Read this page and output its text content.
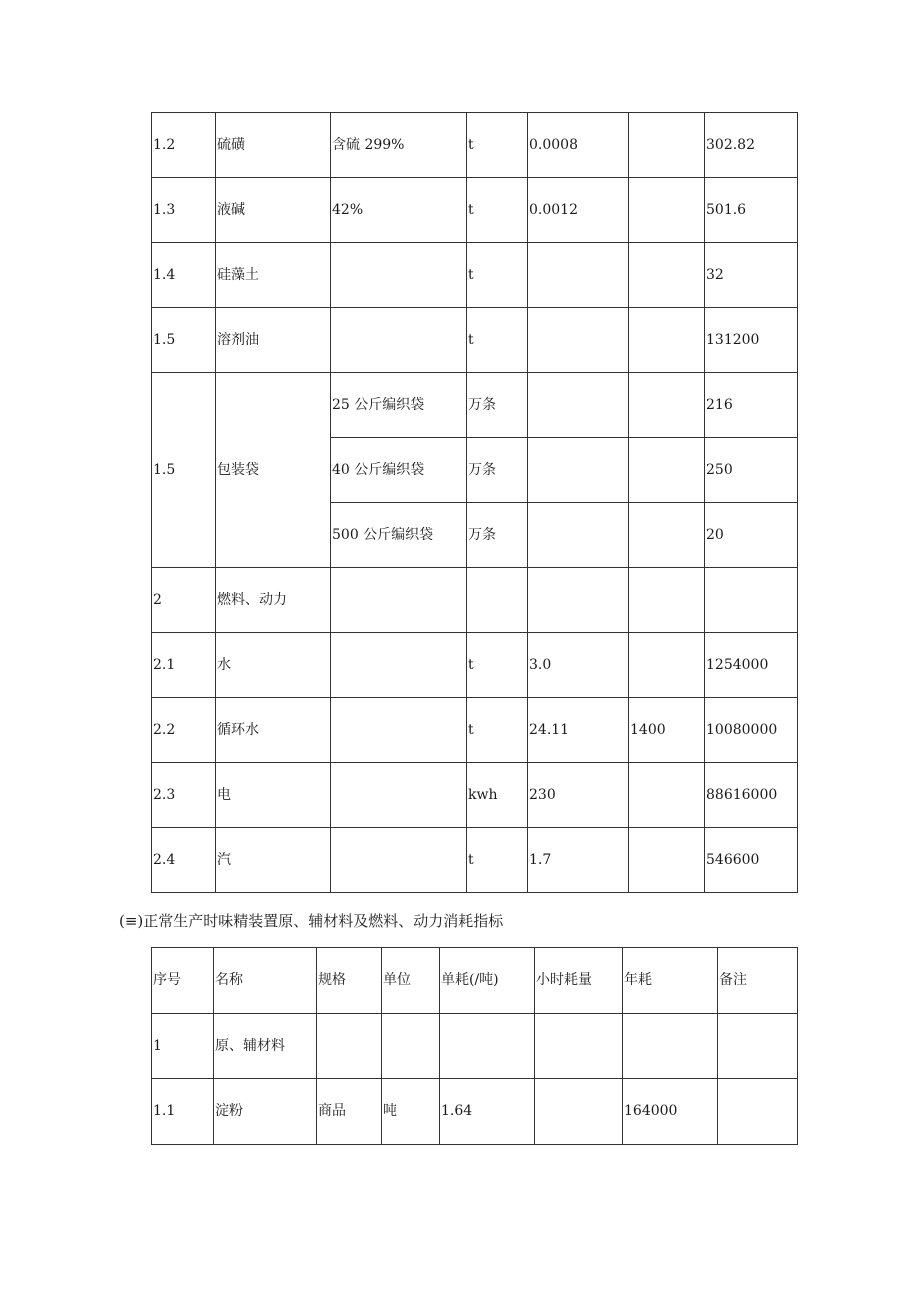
1.2	硫磺	含硫 299%	t	0.0008		302.82
1.3	液碱	42%	t	0.0012		501.6
1.4	硅藻土		t			32
1.5	溶剂油		t			131200
1.5	包装袋	25 公斤编织袋	万条			216
		40 公斤编织袋	万条			250
		500 公斤编织袋	万条			20
2	燃料、动力					
2.1	水		t	3.0		1254000
2.2	循环水		t	24.11	1400	10080000
2.3	电		kwh	230		88616000
2.4	汽		t	1.7		546600
(≡)正常生产时味精装置原、辅材料及燃料、动力消耗指标
序号	名称	规格	单位	单耗(/吨)	小时耗量	年耗	备注
1	原、辅材料						
1.1	淀粉	商品	吨	1.64		164000	
